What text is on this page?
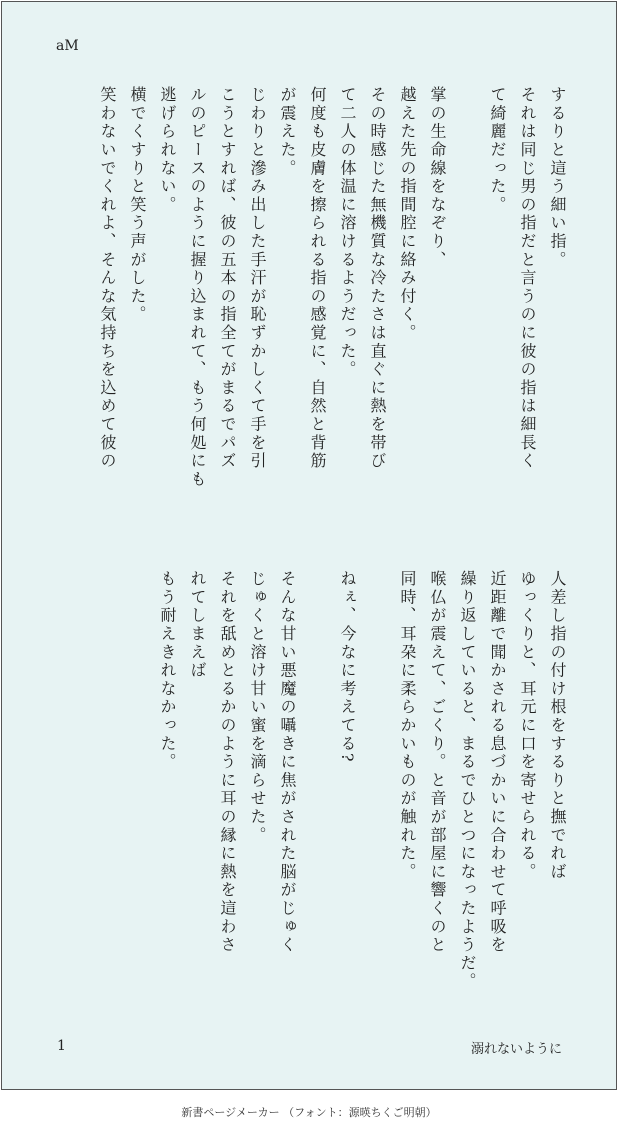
aM
するりと這う細い指。
それは同じ男の指だと言うのに彼の指は細長く
て綺麗だった。

掌の生命線をなぞり、
越えた先の指間腔に絡み付く。
その時感じた無機質な冷たさは直ぐに熱を帯び
て二人の体温に溶けるようだった。
何度も皮膚を擦られる指の感覚に、自然と背筋
が震えた。
じわりと滲み出した手汗が恥ずかしくて手を引
こうとすれば、彼の五本の指全てがまるでパズ
ルのピースのように握り込まれて、もう何処にも
逃げられない。
横でくすりと笑う声がした。
笑わないでくれよ、そんな気持ちを込めて彼の
人差し指の付け根をするりと撫でれば
ゆっくりと、耳元に口を寄せられる。
近距離で聞かされる息づかいに合わせて呼吸を
繰り返していると、まるでひとつになったようだ。
喉仏が震えて、ごくり。と音が部屋に響くのと
同時、耳朶に柔らかいものが触れた。

ねぇ、今なに考えてる?

そんな甘い悪魔の囁きに焦がされた脳がじゅく
じゅくと溶け甘い蜜を滴らせた。
それを舐めとるかのように耳の縁に熱を這わさ
れてしまえば
もう耐えきれなかった。
1	溺れないように
新書ページメーカー （フォント：源暎ちくご明朝）
